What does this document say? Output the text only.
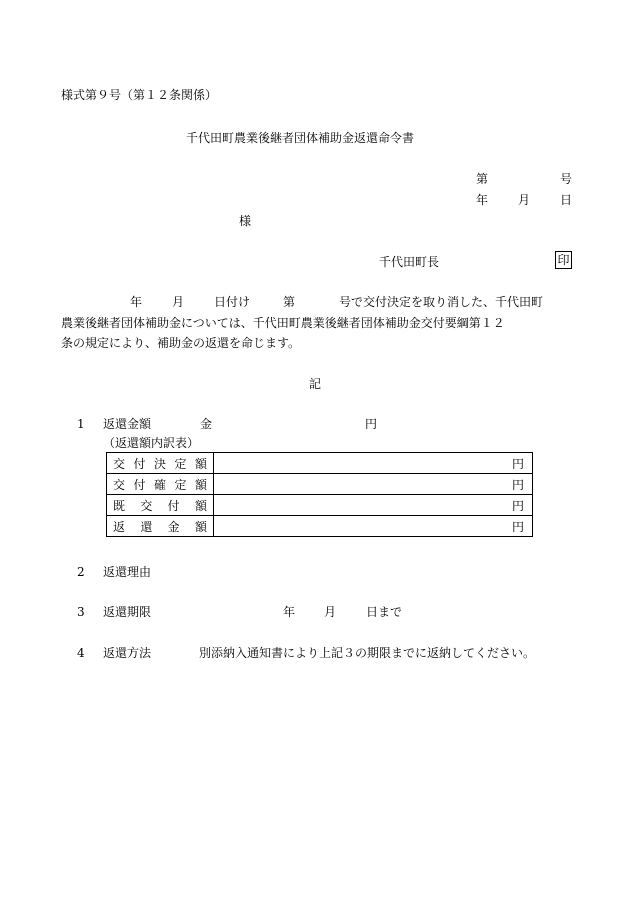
様式第９号（第１２条関係）
千代田町農業後継者団体補助金返還命令書
第	号
年 月 日
様
千代田町長	印
年 月 日付け	第	号で交付決定を取り消した、千代田町
農業後継者団体補助金については、千代田町農業後継者団体補助金交付要綱第１２
条の規定により、補助金の返還を命じます。
記
1 返還金額	金	円
（返還額内訳表）
交付決定額	円

交付確定額	円

既交付額	円

返還金額	円
2 返還理由
3 返還期限	年 月 日まで
4 返還方法	別添納入通知書により上記３の期限までに返納してください。
